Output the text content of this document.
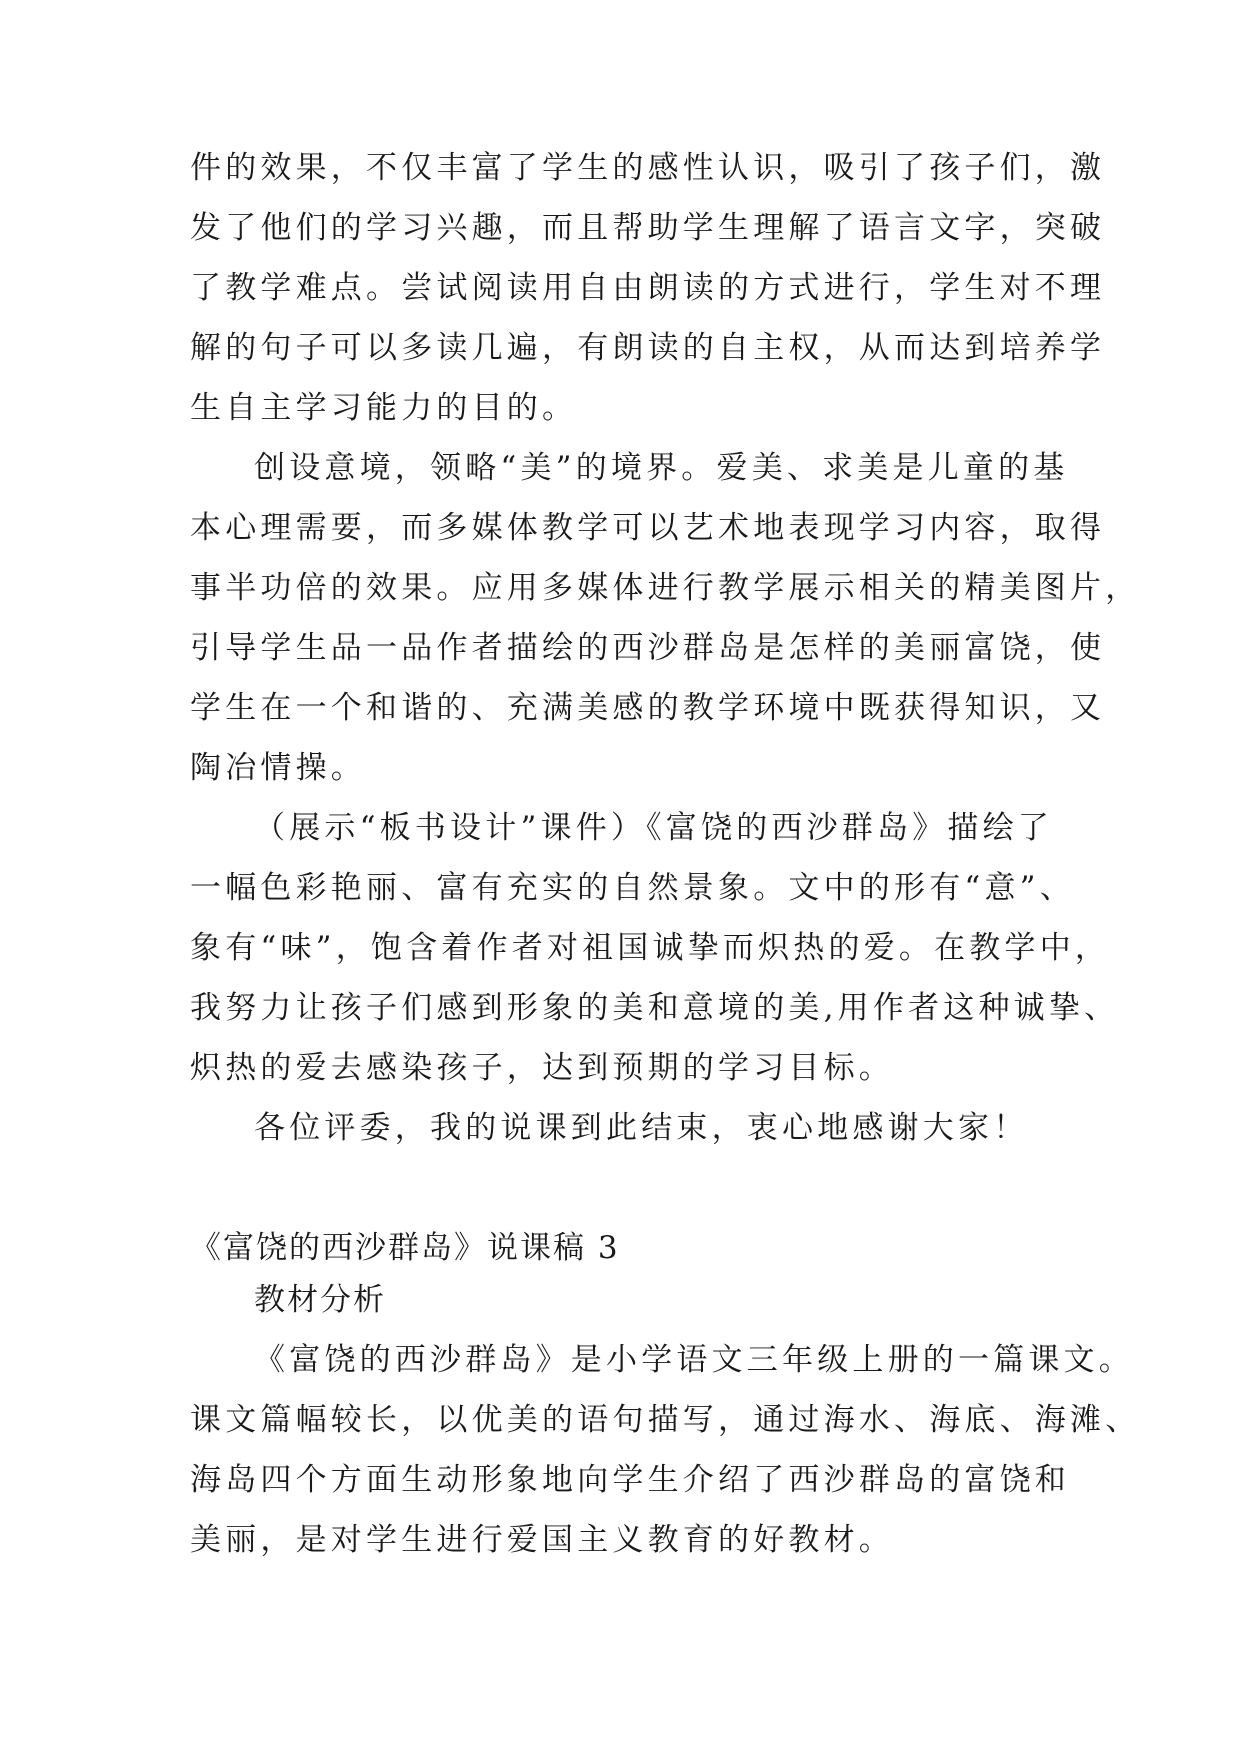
件的效果，不仅丰富了学生的感性认识，吸引了孩子们，激
发了他们的学习兴趣，而且帮助学生理解了语言文字，突破
了教学难点。尝试阅读用自由朗读的方式进行，学生对不理
解的句子可以多读几遍，有朗读的自主权，从而达到培养学
生自主学习能力的目的。
创设意境，领略“美”的境界。爱美、求美是儿童的基
本心理需要，而多媒体教学可以艺术地表现学习内容，取得
事半功倍的效果。应用多媒体进行教学展示相关的精美图片，
引导学生品一品作者描绘的西沙群岛是怎样的美丽富饶，使
学生在一个和谐的、充满美感的教学环境中既获得知识，又
陶冶情操。
（展示“板书设计”课件）《富饶的西沙群岛》描绘了
一幅色彩艳丽、富有充实的自然景象。文中的形有“意”、
象有“味”，饱含着作者对祖国诚挚而炽热的爱。在教学中，
我努力让孩子们感到形象的美和意境的美,用作者这种诚挚、
炽热的爱去感染孩子，达到预期的学习目标。
各位评委，我的说课到此结束，衷心地感谢大家！
《富饶的西沙群岛》说课稿 3
教材分析
《富饶的西沙群岛》是小学语文三年级上册的一篇课文。
课文篇幅较长，以优美的语句描写，通过海水、海底、海滩、
海岛四个方面生动形象地向学生介绍了西沙群岛的富饶和
美丽，是对学生进行爱国主义教育的好教材。
